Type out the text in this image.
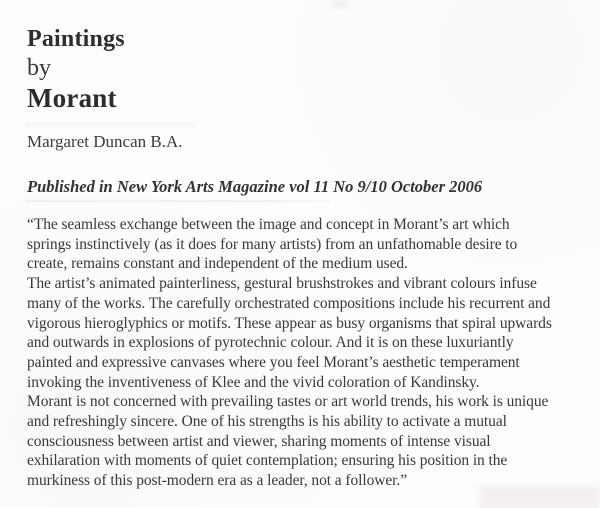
Paintings
by
Morant
Margaret Duncan B.A.
Published in New York Arts Magazine vol 11 No 9/10 October 2006
“The seamless exchange between the image and concept in Morant’s art which
springs instinctively (as it does for many artists) from an unfathomable desire to
create, remains constant and independent of the medium used.
The artist’s animated painterliness, gestural brushstrokes and vibrant colours infuse
many of the works. The carefully orchestrated compositions include his recurrent and
vigorous hieroglyphics or motifs. These appear as busy organisms that spiral upwards
and outwards in explosions of pyrotechnic colour. And it is on these luxuriantly
painted and expressive canvases where you feel Morant’s aesthetic temperament
invoking the inventiveness of Klee and the vivid coloration of Kandinsky.
Morant is not concerned with prevailing tastes or art world trends, his work is unique
and refreshingly sincere. One of his strengths is his ability to activate a mutual
consciousness between artist and viewer, sharing moments of intense visual
exhilaration with moments of quiet contemplation; ensuring his position in the
murkiness of this post-modern era as a leader, not a follower.”
